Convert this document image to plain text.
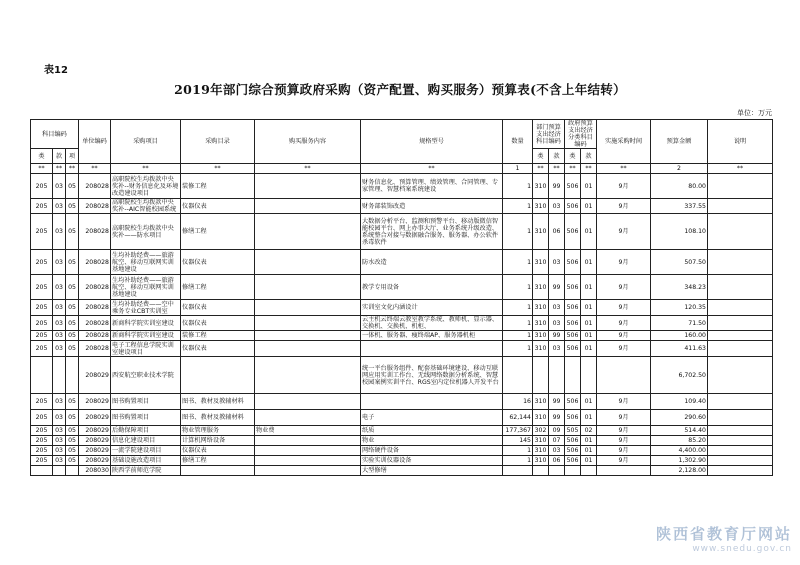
表12
2019年部门综合预算政府采购（资产配置、购买服务）预算表(不含上年结转）
单位：万元
科目编码			单位编码	采购项目	采购目录	购买服务内容	规格型号	数量	部门预算支出经济科目编码		政府预算支出经济分类科目编码		实施采购时间	预算金额	说明
类	款	项							类	款	类	款			
**	**	**	**	**	**	**	**	1	**	**	**	**	**	2	**
205	03	05	208028	高职院校生均拨款中央奖补--财务信息化及环境改造建设项目	装修工程		财务信息化、预算管理、绩效管理、合同管理、专家管理、智慧档案系统建设	1	310	99	506	01	9月	80.00	
205	03	05	208028	高职院校生均拨款中央奖补--AIC智能校园系统	仪器仪表		财务部装饰改造	1	310	03	506	01	9月	337.55	
205	03	05	208028	高职院校生均拨款中央奖补——防水项目	修缮工程		大数据分析平台、监测和预警平台、移动版微信智能校园平台、网上办事大厅、业务系统升级改造、系统整合对接与数据融合服务、服务器、办公软件杀毒软件	1	310	06	506	01	9月	108.10	
205	03	05	208028	生均补助经费——旅游航空、移动互联网实训基地建设	仪器仪表		防水改造	1	310	03	506	01	9月	507.50	
205	03	05	208028	生均补助经费——旅游航空、移动互联网实训基地建设	修缮工程		教学专用设备	1	310	99	506	01	9月	348.23	
205	03	05	208028	生均补助经费——空中乘务专业CBT实训室	仪器仪表		实训室文化内涵设计	1	310	03	506	01	9月	120.35	
205	03	05	208028	新商科学院实训室建设	仪器仪表		云主机云终端云教室教学系统、教师机、显示器、交换机、交换机、机柜、	1	310	03	506	01	9月	71.50	
205	03	05	208028	新商科学院实训室建设	装修工程		一体机、服务器、瘦终端AP、服务器机柜	1	310	99	506	01	9月	160.00	
205	03	05	208028	电子工程信息学院实训室建设项目	仪器仪表			1	310	03	506	01	9月	411.63	
			208029	西安航空职业技术学院			统一平台服务组件、配套基础环境建设、移动互联网应用实训工作台、无线网络数据分析系统、智慧校园案例实训平台、RGS室内定位机器人开发平台							6,702.50	
205	03	05	208029	图书购置项目	图书、教材及教辅材料			16	310	99	506	01	9月	109.40	
205	03	05	208029	图书购置项目	图书、教材及教辅材料		电子	62,144	310	99	506	01	9月	290.60	
205	03	05	208029	后勤保障项目	物业管理服务	物业费	纸质	177,367	302	09	505	02	9月	514.40	
205	03	05	208029	信息化建设项目	计算机网络设备		物业	145	310	07	506	01	9月	85.20	
205	03	05	208029	一流学院建设项目	仪器仪表		网络硬件设备	1	310	03	506	01	9月	4,400.00	
205	03	05	208029	基础设施改造项目	修缮工程		实验实训仪器设备	1	310	06	506	01	9月	1,302.90	
			208030	陕西学前师范学院			大型修缮							2,128.00	
陕西省教育厅网站
www.snedu.gov.cn
